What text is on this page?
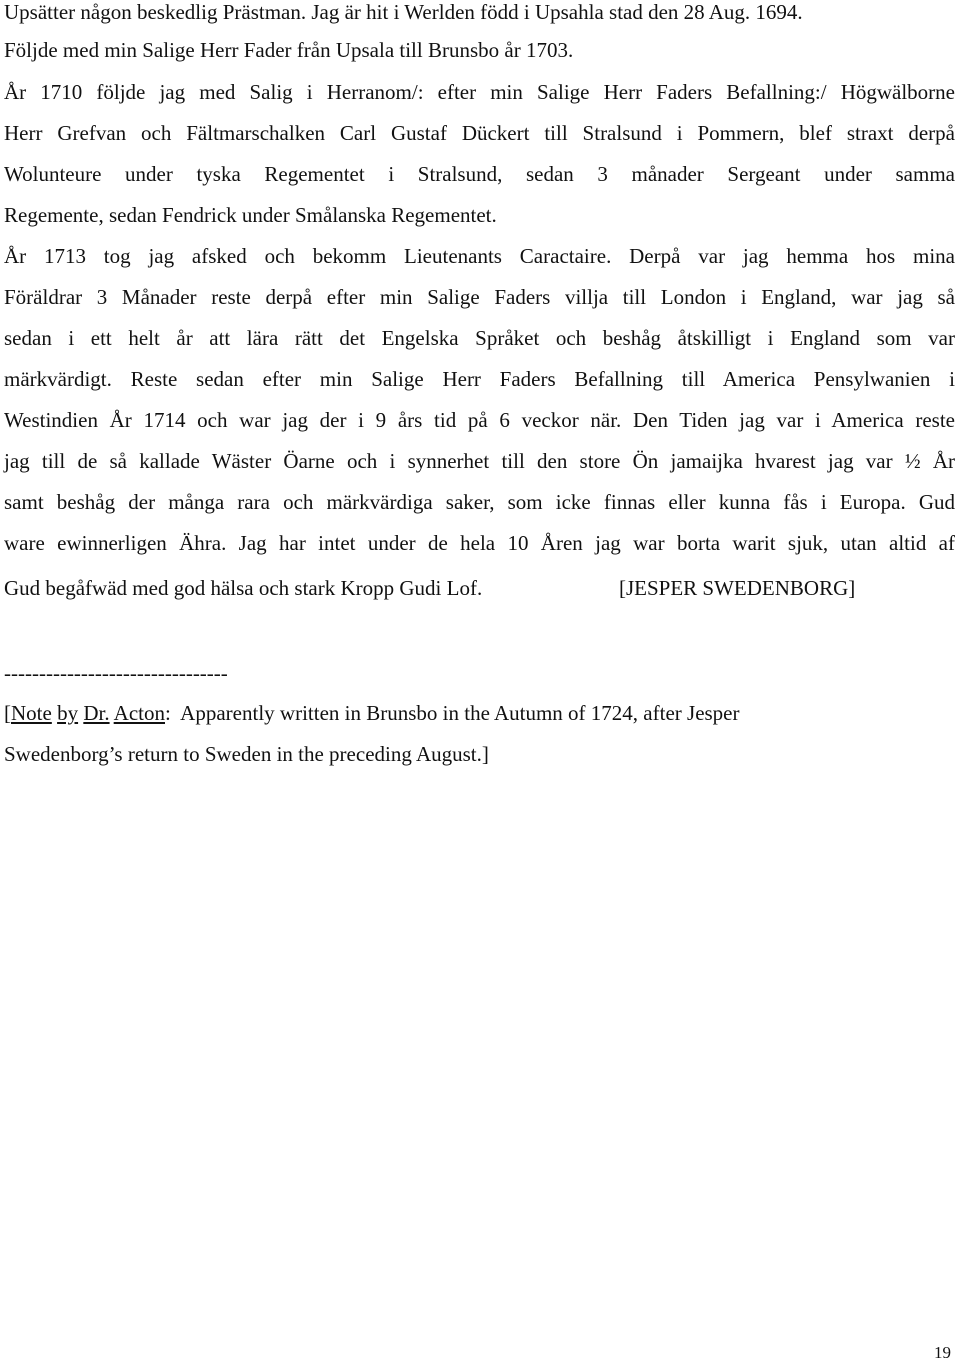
Upsätter någon beskedlig Prästman. Jag är hit i Werlden född i Upsahla stad den 28 Aug. 1694.
Följde med min Salige Herr Fader från Upsala till Brunsbo år 1703.
År 1710 följde jag med Salig i Herranom/: efter min Salige Herr Faders Befallning:/ Högwälborne
Herr Grefvan och Fältmarschalken Carl Gustaf Dückert till Stralsund i Pommern, blef straxt derpå
Wolunteure under tyska Regementet i Stralsund, sedan 3 månader Sergeant under samma
Regemente, sedan Fendrick under Smålanska Regementet.
År 1713 tog jag afsked och bekomm Lieutenants Caractaire. Derpå var jag hemma hos mina
Föräldrar 3 Månader reste derpå efter min Salige Faders villja till London i England, war jag så
sedan i ett helt år att lära rätt det Engelska Språket och beshåg åtskilligt i England som var
märkvärdigt. Reste sedan efter min Salige Herr Faders Befallning till America Pensylwanien i
Westindien År 1714 och war jag der i 9 års tid på 6 veckor när. Den Tiden jag var i America reste
jag till de så kallade Wäster Öarne och i synnerhet till den store Ön jamaijka hvarest jag var ½ År
samt beshåg der många rara och märkvärdiga saker, som icke finnas eller kunna fås i Europa. Gud
ware ewinnerligen Ähra. Jag har intet under de hela 10 Åren jag war borta warit sjuk, utan altid af
Gud begåfwäd med god hälsa och stark Kropp Gudi Lof.	[JESPER SWEDENBORG]
--------------------------------
[Note by Dr. Acton:  Apparently written in Brunsbo in the Autumn of 1724, after Jesper
Swedenborg’s return to Sweden in the preceding August.]
19
